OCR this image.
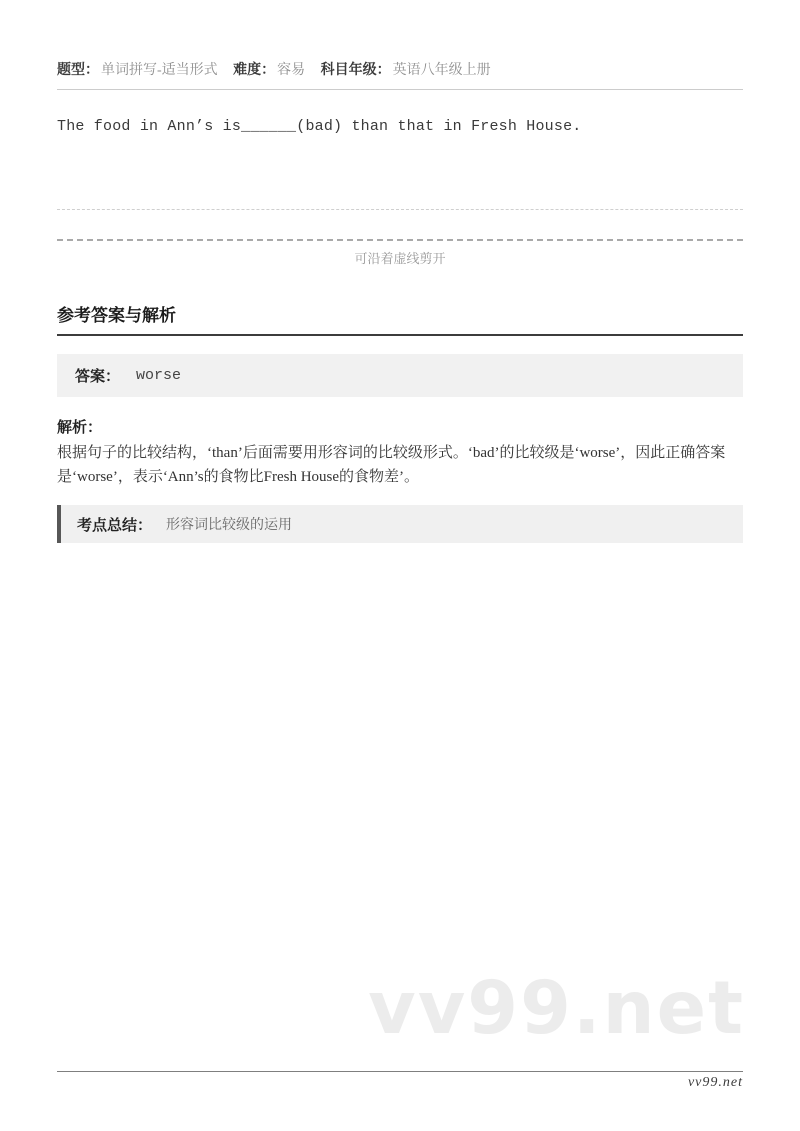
题型： 单词拼写-适当形式 难度： 容易 科目年级： 英语八年级上册

The food in Ann’s is______(bad) than that in Fresh House.

可沿着虚线剪开
参考答案与解析
答案： worse
解析：

根据句子的比较结构，‘than’后面需要用形容词的比较级形式。‘bad’的比较级是‘worse’，因此正确答案是‘worse’，表示‘Ann’s的食物比Fresh House的食物差’。

考点总结： 形容词比较级的运用
vv99.net
vv99.net
